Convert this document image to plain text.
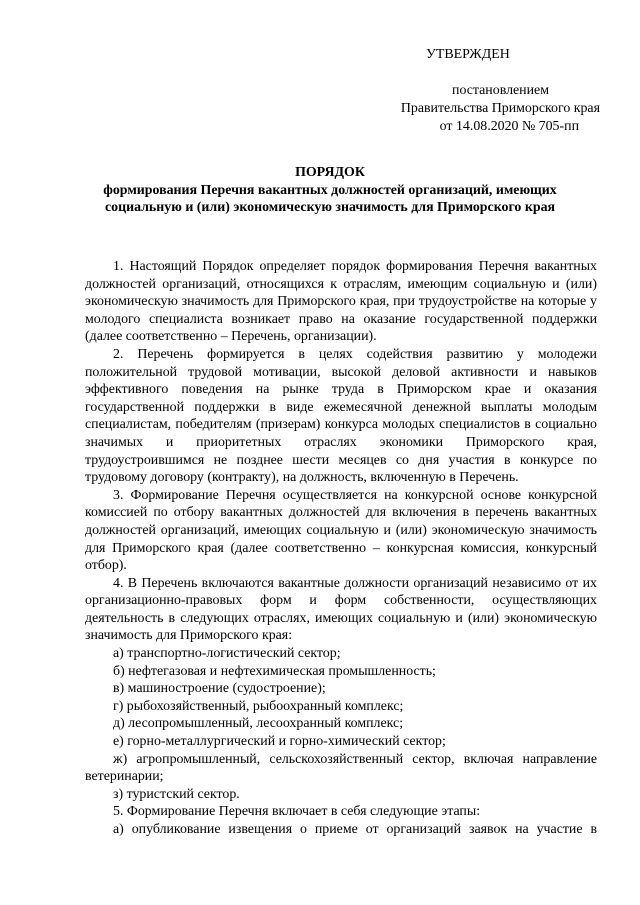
УТВЕРЖДЕН
постановлением
Правительства Приморского края
от 14.08.2020 № 705-пп
ПОРЯДОК
формирования Перечня вакантных должностей организаций, имеющих
социальную и (или) экономическую значимость для Приморского края

1. Настоящий Порядок определяет порядок формирования Перечня вакантных должностей организаций, относящихся к отраслям, имеющим социальную и (или) экономическую значимость для Приморского края, при трудоустройстве на которые у молодого специалиста возникает право на оказание государственной поддержки (далее соответственно – Перечень, организации).

2. Перечень формируется в целях содействия развитию у молодежи положительной трудовой мотивации, высокой деловой активности и навыков эффективного поведения на рынке труда в Приморском крае и оказания государственной поддержки в виде ежемесячной денежной выплаты молодым специалистам, победителям (призерам) конкурса молодых специалистов в социально значимых и приоритетных отраслях экономики Приморского края, трудоустроившимся не позднее шести месяцев со дня участия в конкурсе по трудовому договору (контракту), на должность, включенную в Перечень.

3. Формирование Перечня осуществляется на конкурсной основе конкурсной комиссией по отбору вакантных должностей для включения в перечень вакантных должностей организаций, имеющих социальную и (или) экономическую значимость для Приморского края (далее соответственно – конкурсная комиссия, конкурсный отбор).

4. В Перечень включаются вакантные должности организаций независимо от их организационно-правовых форм и форм собственности, осуществляющих деятельность в следующих отраслях, имеющих социальную и (или) экономическую значимость для Приморского края:

а) транспортно-логистический сектор;

б) нефтегазовая и нефтехимическая промышленность;

в) машиностроение (судостроение);

г) рыбохозяйственный, рыбоохранный комплекс;

д) лесопромышленный, лесоохранный комплекс;

е) горно-металлургический и горно-химический сектор;

ж) агропромышленный, сельскохозяйственный сектор, включая направление ветеринарии;

з) туристский сектор.

5. Формирование Перечня включает в себя следующие этапы:

а) опубликование извещения о приеме от организаций заявок на участие в
